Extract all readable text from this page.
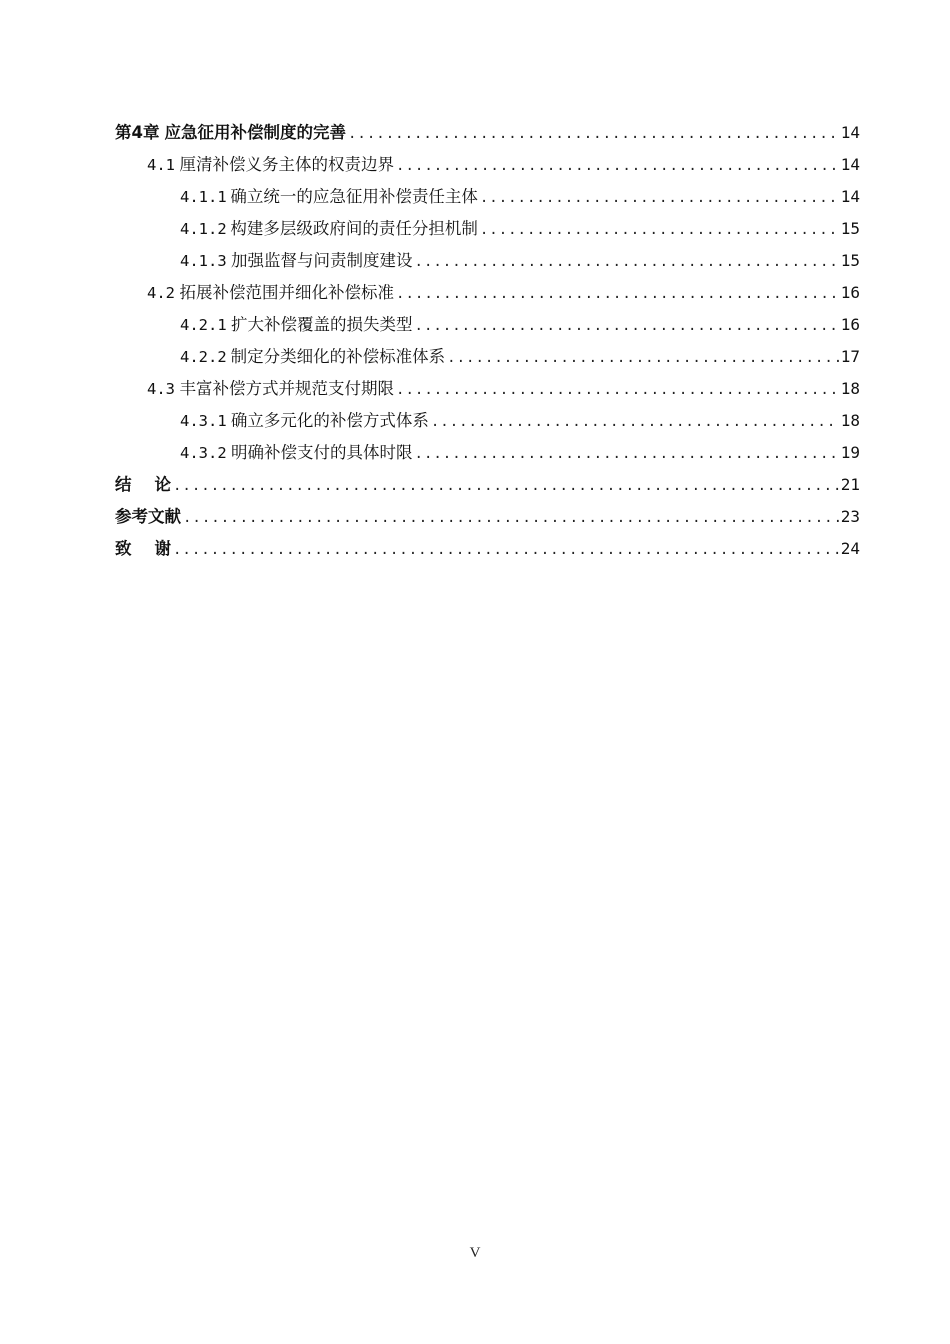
第4章 应急征用补偿制度的完善 .....	14
4.1 厘清补偿义务主体的权责边界 .....	14
4.1.1 确立统一的应急征用补偿责任主体 .....	14
4.1.2 构建多层级政府间的责任分担机制 .....	15
4.1.3 加强监督与问责制度建设 .....	15
4.2 拓展补偿范围并细化补偿标准 .....	16
4.2.1 扩大补偿覆盖的损失类型 .....	16
4.2.2 制定分类细化的补偿标准体系 .....	17
4.3 丰富补偿方式并规范支付期限 .....	18
4.3.1 确立多元化的补偿方式体系 .....	18
4.3.2 明确补偿支付的具体时限 .....	19
结    论 .....	21
参考文献 .....	23
致    谢 .....	24
V
